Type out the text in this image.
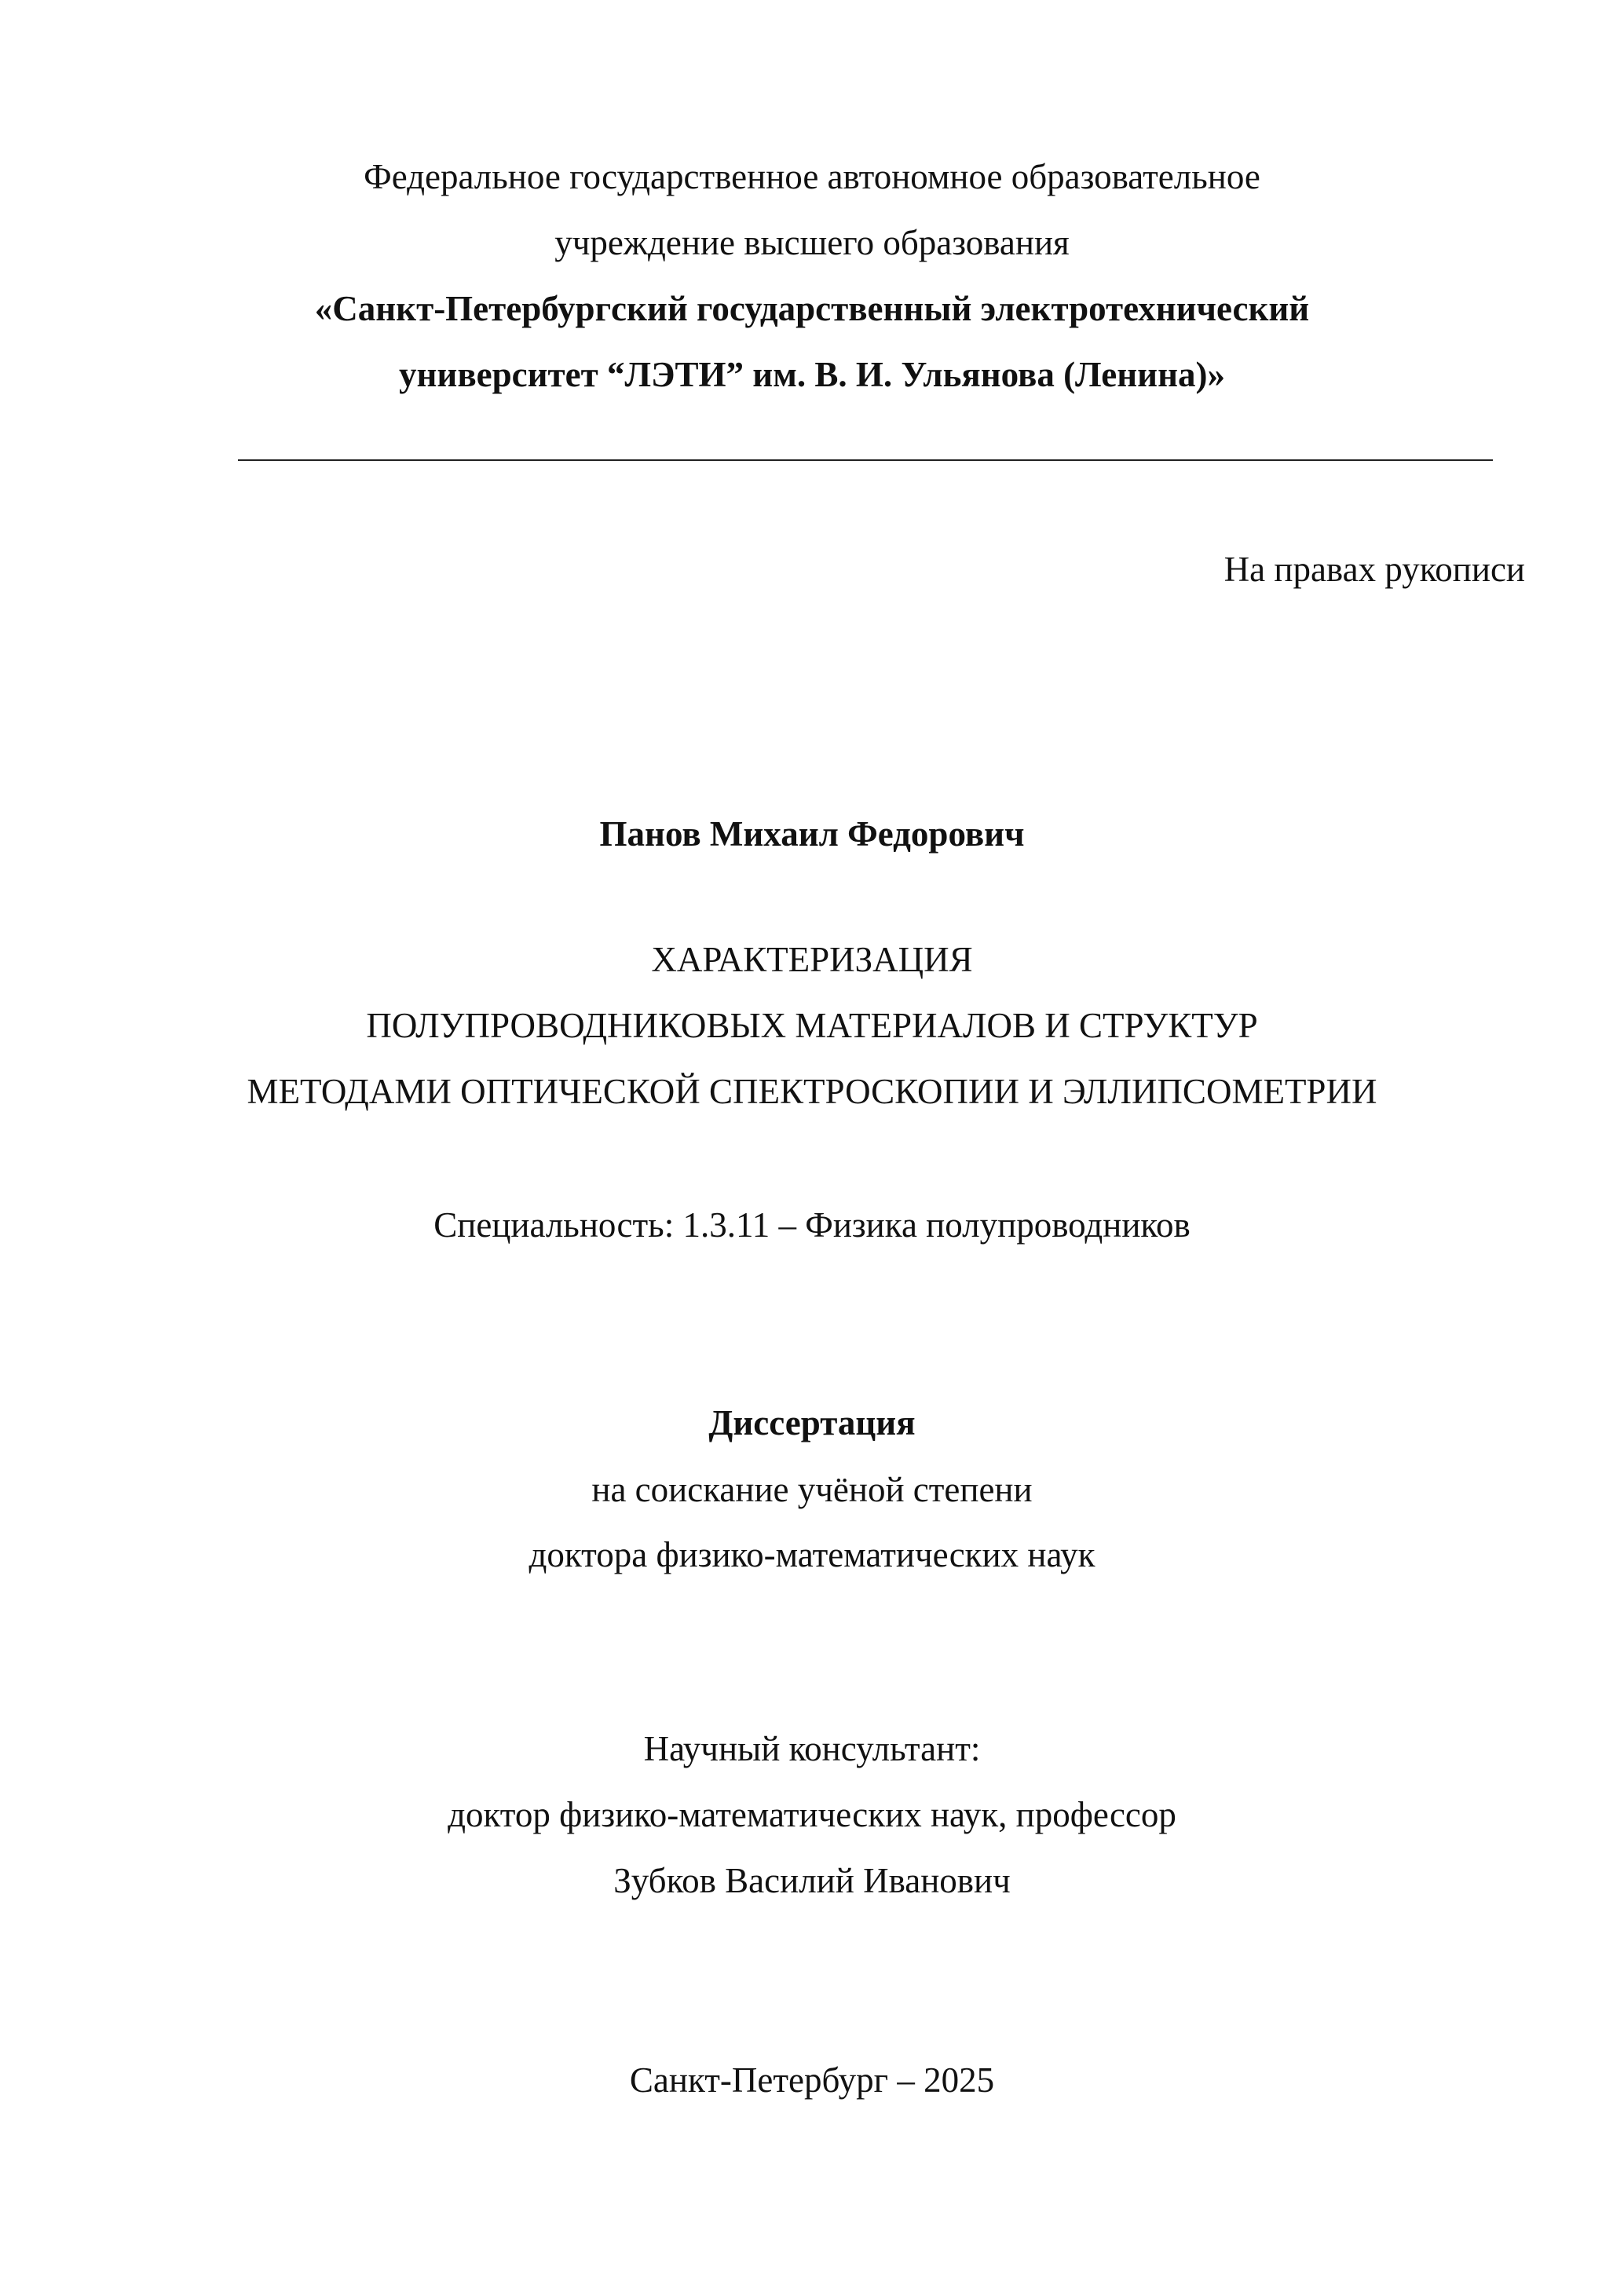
Федеральное государственное автономное образовательное
учреждение высшего образования
«Санкт-Петербургский государственный электротехнический
университет “ЛЭТИ” им. В. И. Ульянова (Ленина)»
На правах рукописи
Панов Михаил Федорович
ХАРАКТЕРИЗАЦИЯ
ПОЛУПРОВОДНИКОВЫХ МАТЕРИАЛОВ И СТРУКТУР
МЕТОДАМИ ОПТИЧЕСКОЙ СПЕКТРОСКОПИИ И ЭЛЛИПСОМЕТРИИ
Специальность: 1.3.11 – Физика полупроводников
Диссертация
на соискание учёной степени
доктора физико-математических наук
Научный консультант:
доктор физико-математических наук, профессор
Зубков Василий Иванович
Санкт-Петербург – 2025
